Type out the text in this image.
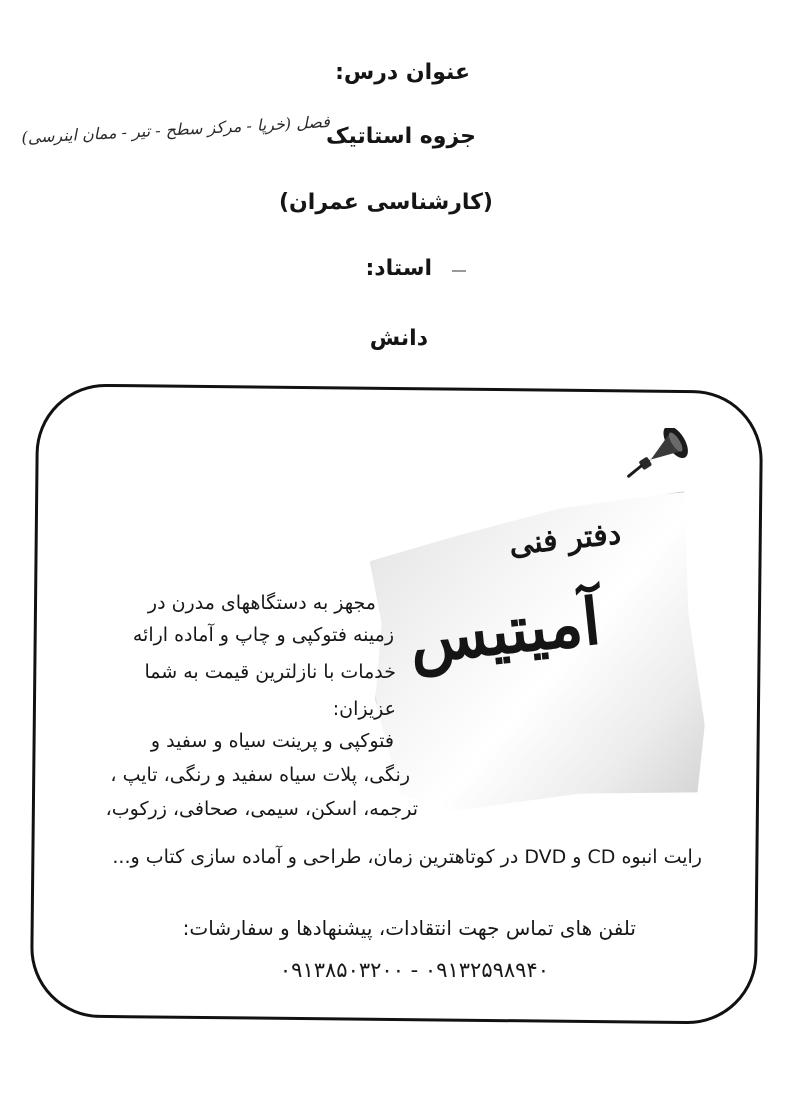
عنوان درس:
جزوه استاتیک
فصل (خرپا - مرکز سطح - تیر - ممان اینرسی)
(کارشناسی عمران)
استاد:
دانش
دفتر فنی
آمیتیس
مجهز به دستگاههای مدرن در
زمینه فتوکپی و چاپ و آماده ارائه
خدمات با نازلترین قیمت به شما
عزیزان:
فتوکپی و پرینت سیاه و سفید و
رنگی، پلات سیاه سفید و رنگی، تایپ ،
ترجمه، اسکن، سیمی، صحافی، زرکوب،
رایت انبوه CD و DVD در کوتاهترین زمان، طراحی و آماده سازی کتاب و...
تلفن های تماس جهت انتقادات، پیشنهادها و سفارشات:
۰۹۱۳۲۵۹۸۹۴۰ - ۰۹۱۳۸۵۰۳۲۰۰
